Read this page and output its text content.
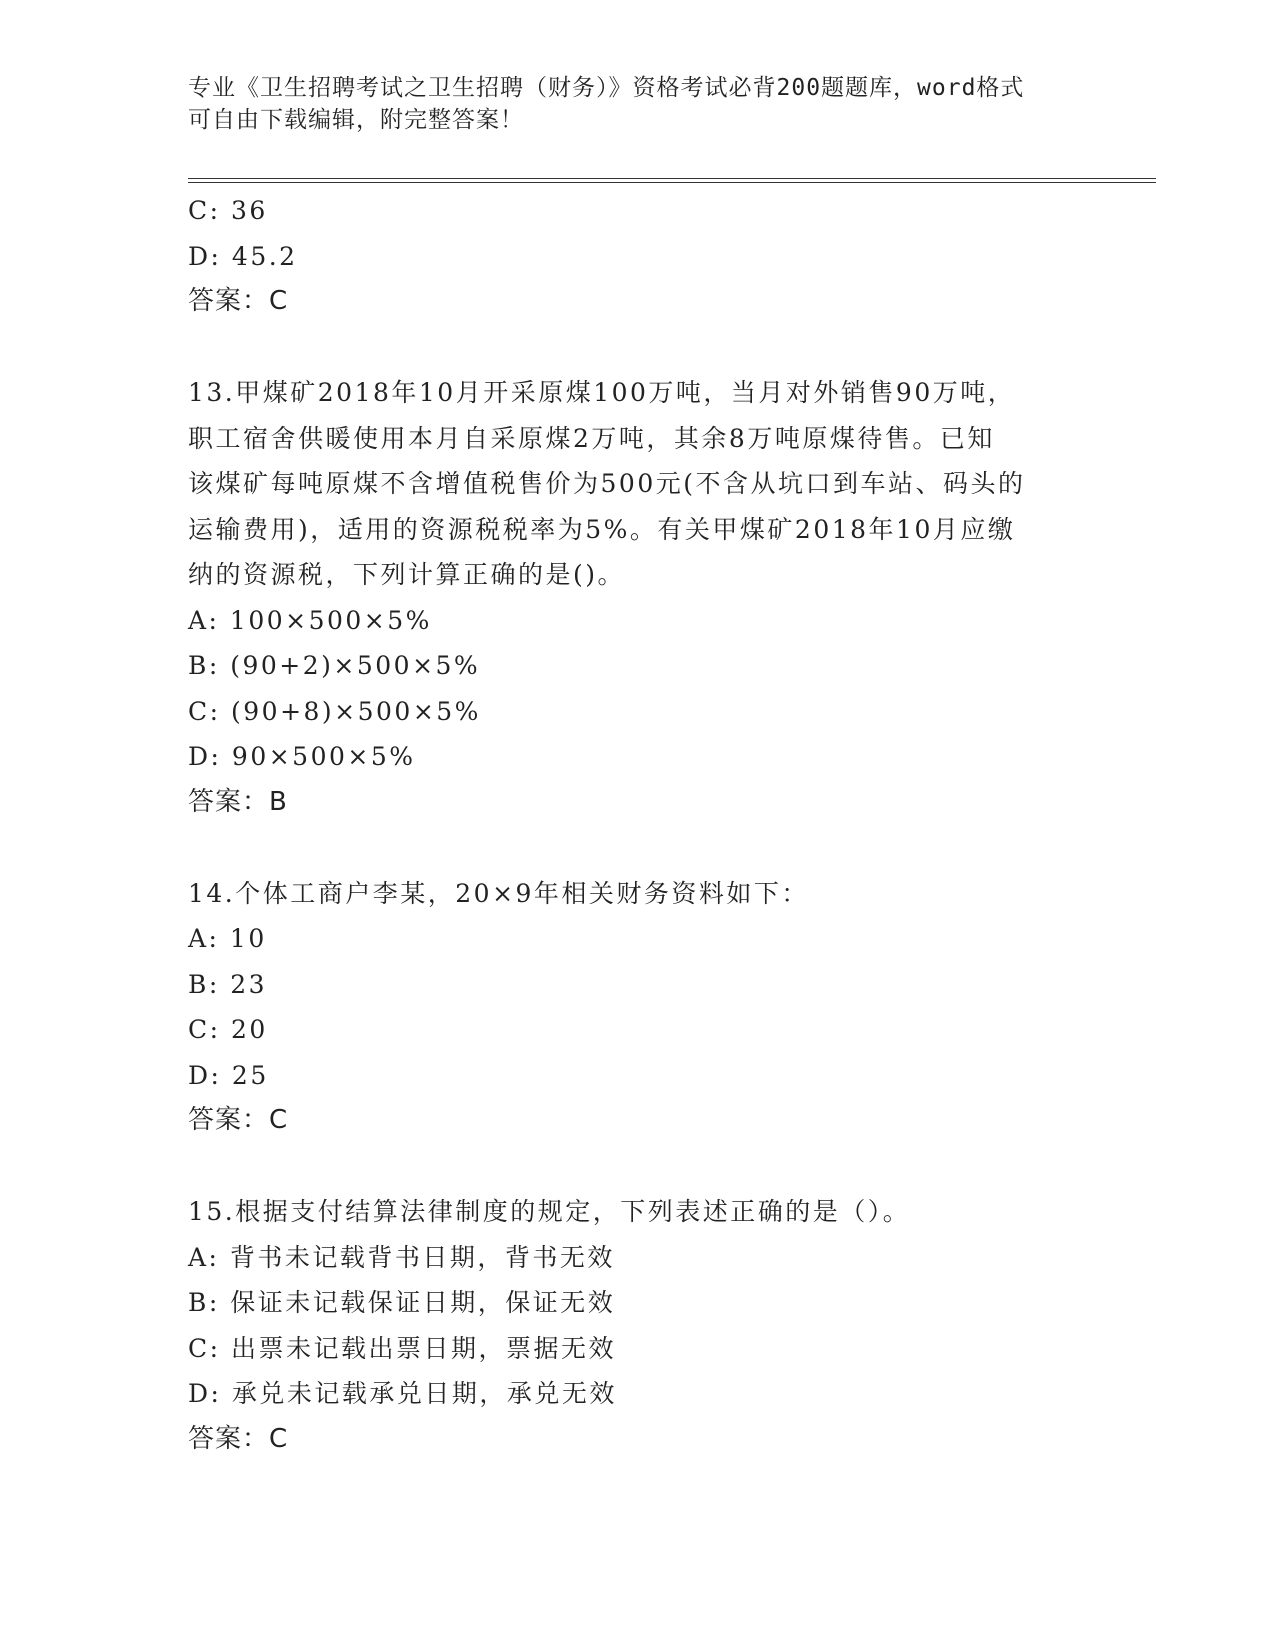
专业《卫生招聘考试之卫生招聘（财务）》资格考试必背200题题库，word格式
可自由下载编辑，附完整答案！
C: 36
D: 45.2
答案：C
13.甲煤矿2018年10月开采原煤100万吨，当月对外销售90万吨，
职工宿舍供暖使用本月自采原煤2万吨，其余8万吨原煤待售。已知
该煤矿每吨原煤不含增值税售价为500元(不含从坑口到车站、码头的
运输费用)，适用的资源税税率为5%。有关甲煤矿2018年10月应缴
纳的资源税，下列计算正确的是()。
A: 100×500×5%
B: (90+2)×500×5%
C: (90+8)×500×5%
D: 90×500×5%
答案：B
14.个体工商户李某，20×9年相关财务资料如下：
A: 10
B: 23
C: 20
D: 25
答案：C
15.根据支付结算法律制度的规定，下列表述正确的是（）。
A: 背书未记载背书日期，背书无效
B: 保证未记载保证日期，保证无效
C: 出票未记载出票日期，票据无效
D: 承兑未记载承兑日期，承兑无效
答案：C
